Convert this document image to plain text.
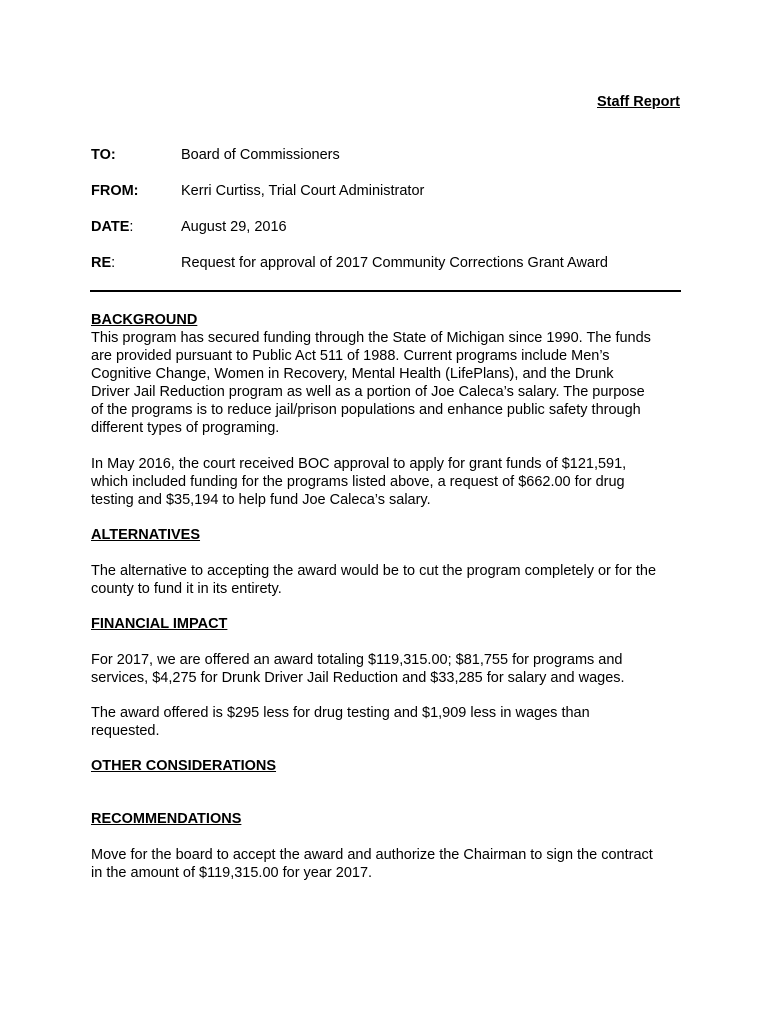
Staff Report
TO:	Board of Commissioners
FROM:	Kerri Curtiss, Trial Court Administrator
DATE:	August 29, 2016
RE:	Request for approval of 2017 Community Corrections Grant Award
BACKGROUND
This program has secured funding through the State of Michigan since 1990. The funds
are provided pursuant to Public Act 511 of 1988. Current programs include Men’s
Cognitive Change, Women in Recovery, Mental Health (LifePlans), and the Drunk
Driver Jail Reduction program as well as a portion of Joe Caleca’s salary. The purpose
of the programs is to reduce jail/prison populations and enhance public safety through
different types of programing.
In May 2016, the court received BOC approval to apply for grant funds of $121,591,
which included funding for the programs listed above, a request of $662.00 for drug
testing and $35,194 to help fund Joe Caleca’s salary.
ALTERNATIVES
The alternative to accepting the award would be to cut the program completely or for the
county to fund it in its entirety.
FINANCIAL IMPACT
For 2017, we are offered an award totaling $119,315.00; $81,755 for programs and
services, $4,275 for Drunk Driver Jail Reduction and $33,285 for salary and wages.
The award offered is $295 less for drug testing and $1,909 less in wages than
requested.
OTHER CONSIDERATIONS
RECOMMENDATIONS
Move for the board to accept the award and authorize the Chairman to sign the contract
in the amount of $119,315.00 for year 2017.
